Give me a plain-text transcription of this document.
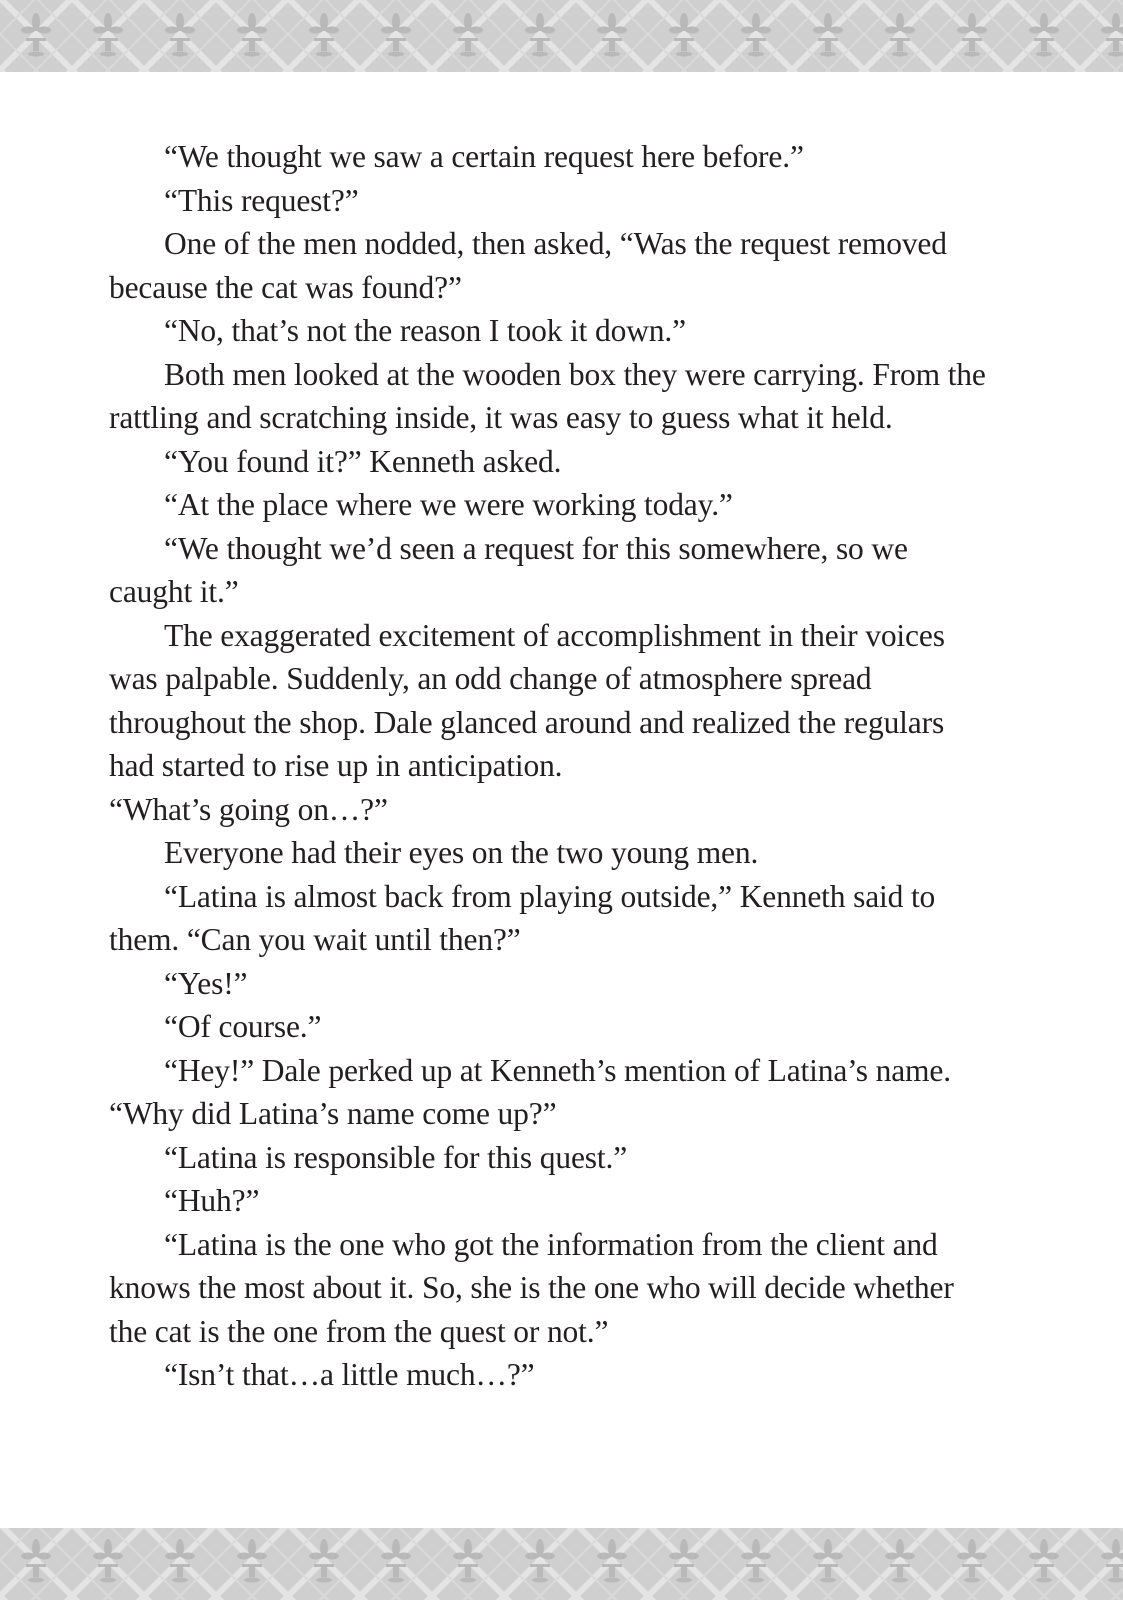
“We thought we saw a certain request here before.”

“This request?”

One of the men nodded, then asked, “Was the request removed because the cat was found?”

“No, that’s not the reason I took it down.”

Both men looked at the wooden box they were carrying. From the rattling and scratching inside, it was easy to guess what it held.

“You found it?” Kenneth asked.

“At the place where we were working today.”

“We thought we’d seen a request for this somewhere, so we caught it.”

The exaggerated excitement of accomplishment in their voices was palpable. Suddenly, an odd change of atmosphere spread throughout the shop. Dale glanced around and realized the regulars had started to rise up in anticipation.

“What’s going on…?”

Everyone had their eyes on the two young men.

“Latina is almost back from playing outside,” Kenneth said to them. “Can you wait until then?”

“Yes!”

“Of course.”

“Hey!” Dale perked up at Kenneth’s mention of Latina’s name. “Why did Latina’s name come up?”

“Latina is responsible for this quest.”

“Huh?”

“Latina is the one who got the information from the client and knows the most about it. So, she is the one who will decide whether the cat is the one from the quest or not.”

“Isn’t that…a little much…?”
